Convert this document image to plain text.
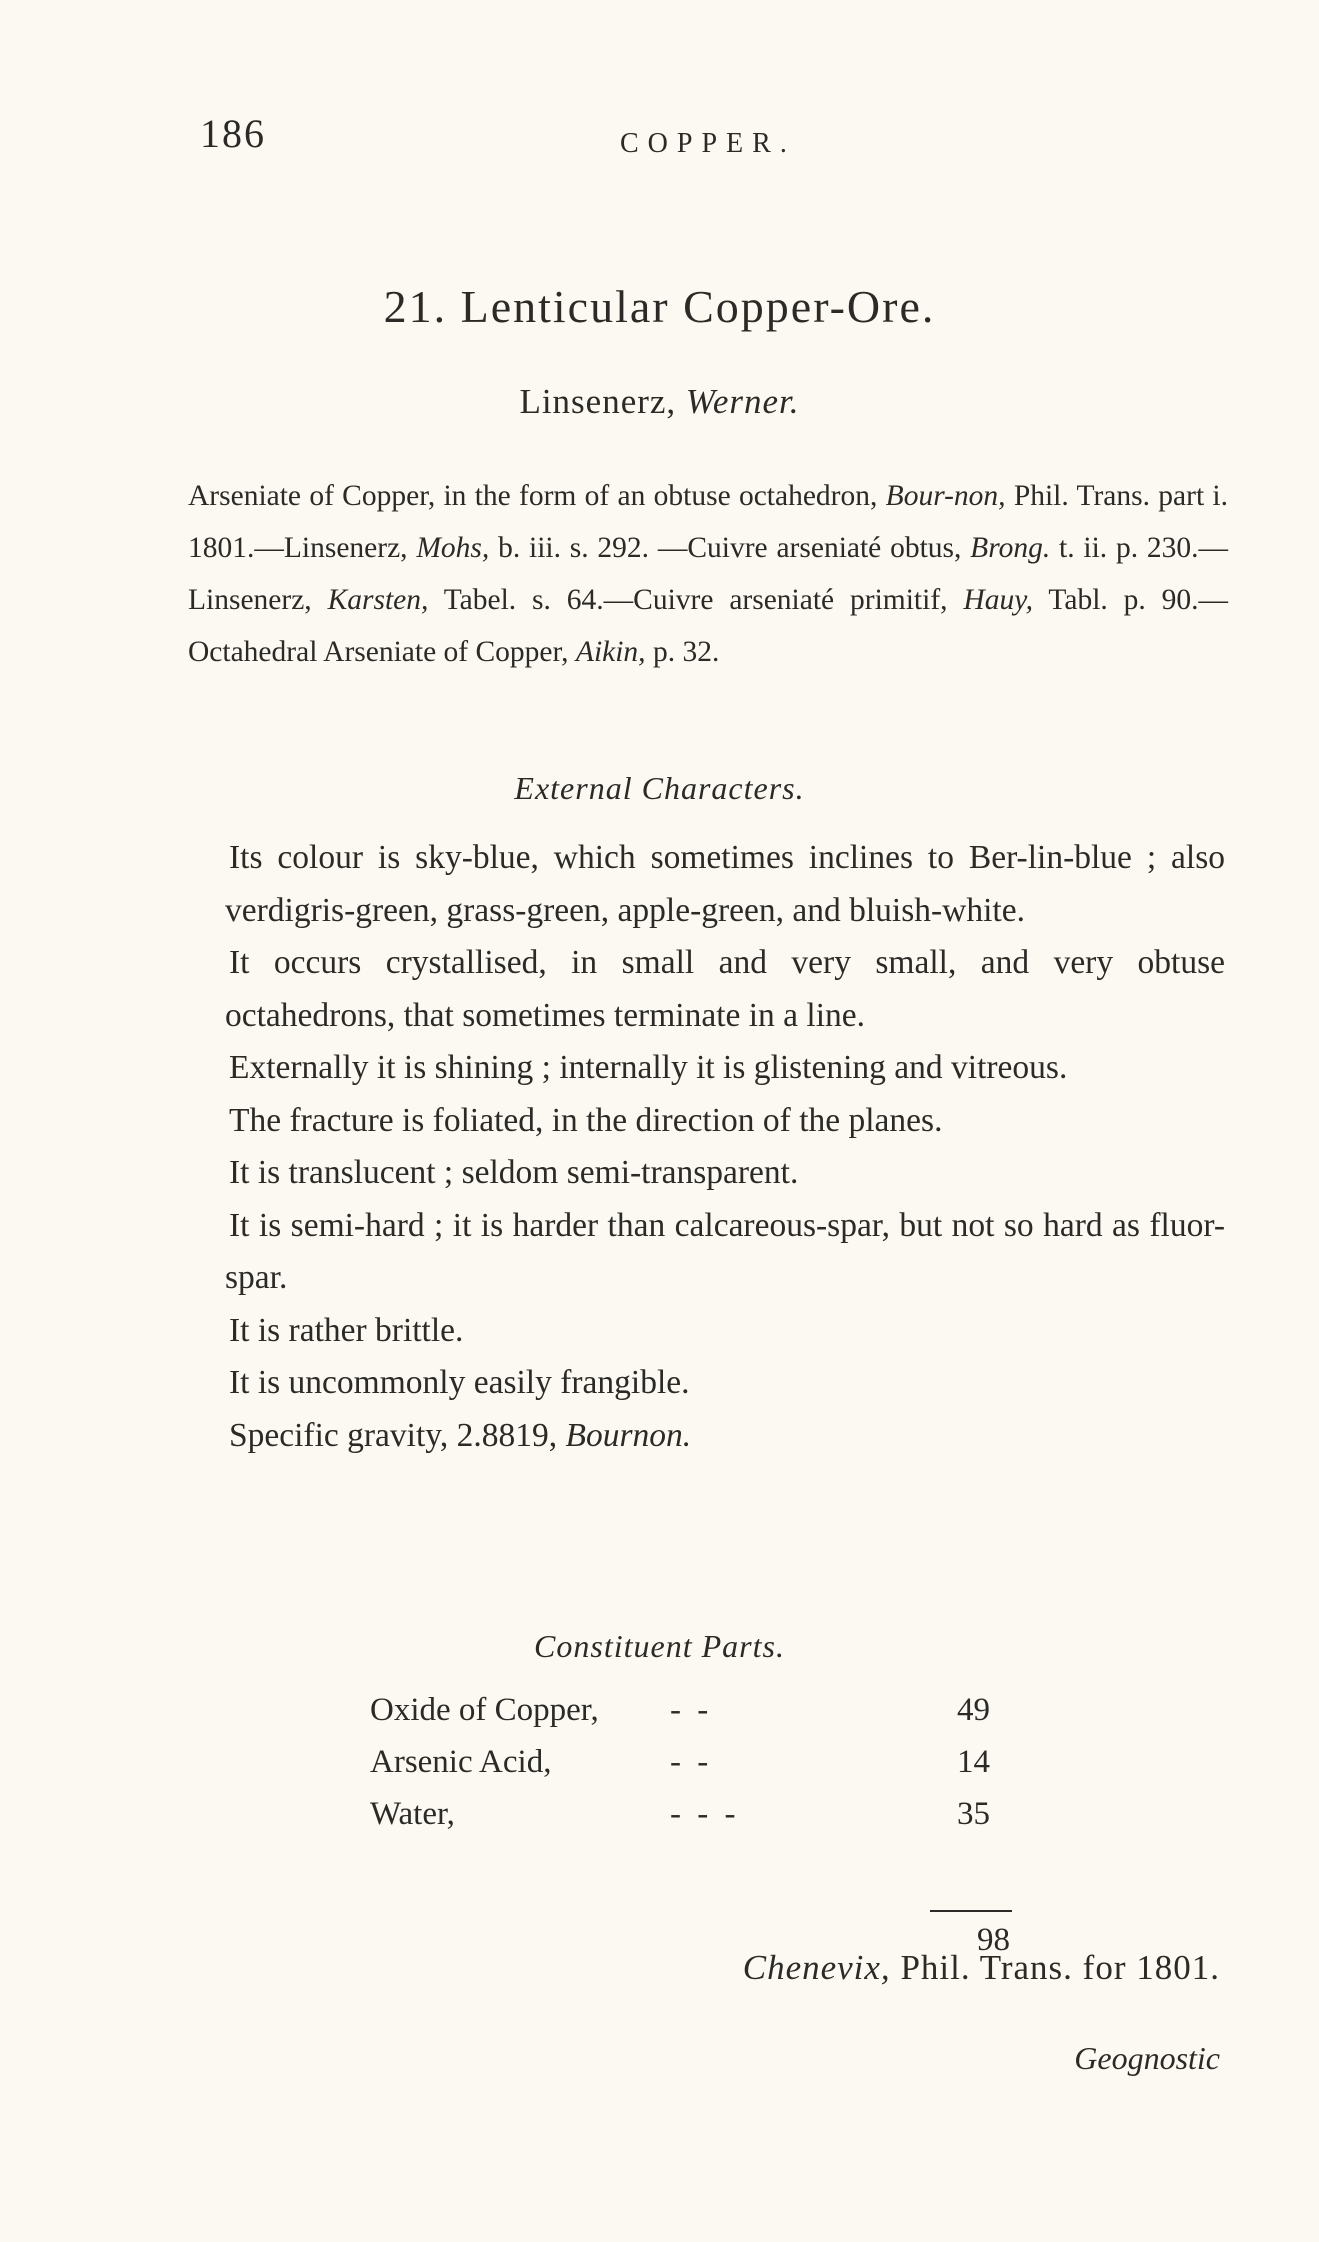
186	COPPER.
21. Lenticular Copper-Ore.
Linsenerz, Werner.

Arseniate of Copper, in the form of an obtuse octahedron, Bour-non, Phil. Trans. part i. 1801.—Linsenerz, Mohs, b. iii. s. 292. —Cuivre arseniaté obtus, Brong. t. ii. p. 230.—Linsenerz, Karsten, Tabel. s. 64.—Cuivre arseniaté primitif, Hauy, Tabl. p. 90.—Octahedral Arseniate of Copper, Aikin, p. 32.

External Characters.

Its colour is sky-blue, which sometimes inclines to Ber-lin-blue ; also verdigris-green, grass-green, apple-green, and bluish-white.

It occurs crystallised, in small and very small, and very obtuse octahedrons, that sometimes terminate in a line.

Externally it is shining ; internally it is glistening and vitreous.

The fracture is foliated, in the direction of the planes.

It is translucent ; seldom semi-transparent.

It is semi-hard ; it is harder than calcareous-spar, but not so hard as fluor-spar.

It is rather brittle.

It is uncommonly easily frangible.

Specific gravity, 2.8819, Bournon.

Constituent Parts.
Oxide of Copper, - -	49
Arsenic Acid,	- -	14
Water,	- - -	35
98
Chenevix, Phil. Trans. for 1801.
Geognostic
